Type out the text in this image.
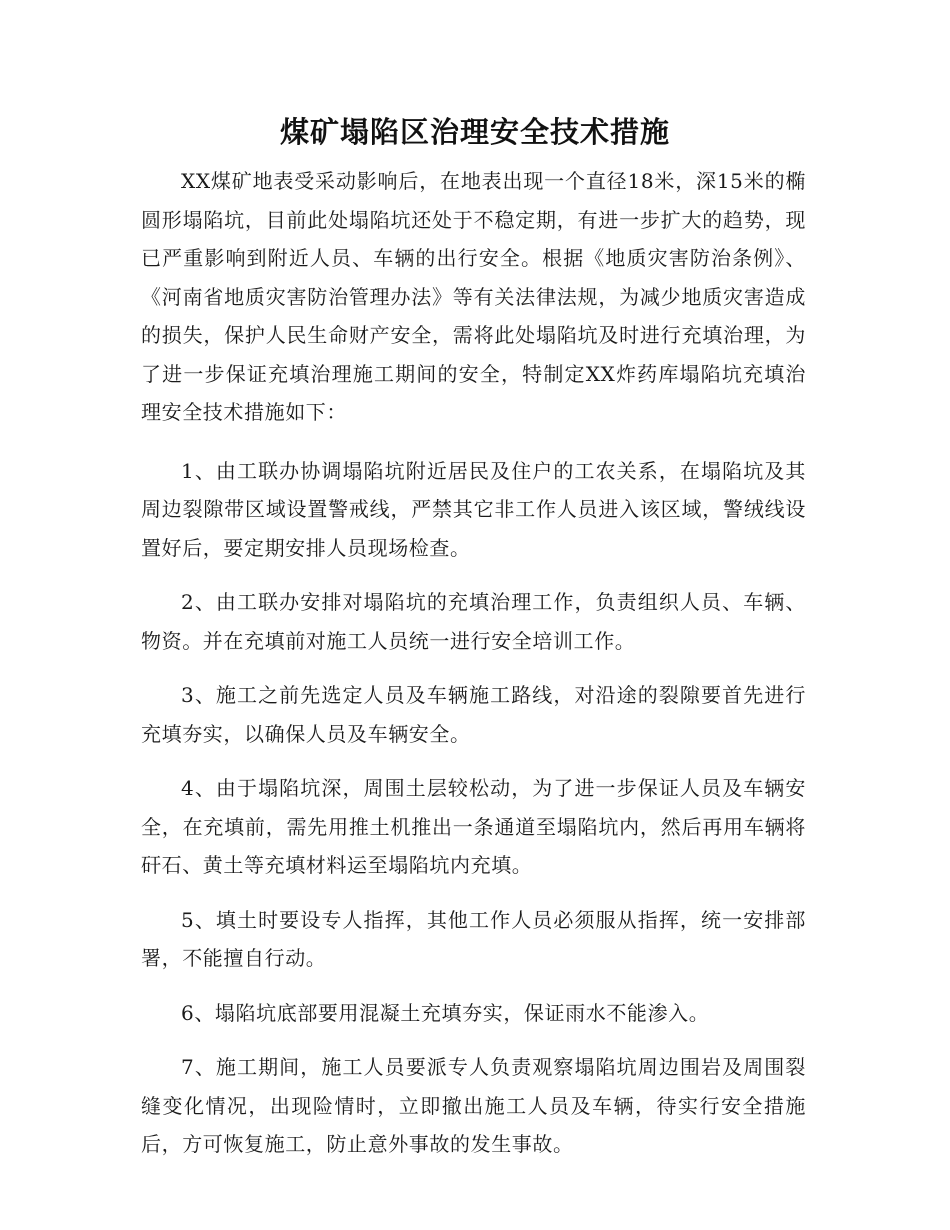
煤矿塌陷区治理安全技术措施

XX煤矿地表受采动影响后，在地表出现一个直径18米，深15米的椭圆形塌陷坑，目前此处塌陷坑还处于不稳定期，有进一步扩大的趋势，现已严重影响到附近人员、车辆的出行安全。根据《地质灾害防治条例》、《河南省地质灾害防治管理办法》等有关法律法规，为减少地质灾害造成的损失，保护人民生命财产安全，需将此处塌陷坑及时进行充填治理，为了进一步保证充填治理施工期间的安全，特制定XX炸药库塌陷坑充填治理安全技术措施如下：

1、由工联办协调塌陷坑附近居民及住户的工农关系，在塌陷坑及其周边裂隙带区域设置警戒线，严禁其它非工作人员进入该区域，警绒线设置好后，要定期安排人员现场检查。

2、由工联办安排对塌陷坑的充填治理工作，负责组织人员、车辆、物资。并在充填前对施工人员统一进行安全培训工作。

3、施工之前先选定人员及车辆施工路线，对沿途的裂隙要首先进行充填夯实，以确保人员及车辆安全。

4、由于塌陷坑深，周围土层较松动，为了进一步保证人员及车辆安全，在充填前，需先用推土机推出一条通道至塌陷坑内，然后再用车辆将矸石、黄土等充填材料运至塌陷坑内充填。

5、填土时要设专人指挥，其他工作人员必须服从指挥，统一安排部署，不能擅自行动。

6、塌陷坑底部要用混凝土充填夯实，保证雨水不能渗入。

7、施工期间，施工人员要派专人负责观察塌陷坑周边围岩及周围裂缝变化情况，出现险情时，立即撤出施工人员及车辆，待实行安全措施后，方可恢复施工，防止意外事故的发生事故。
